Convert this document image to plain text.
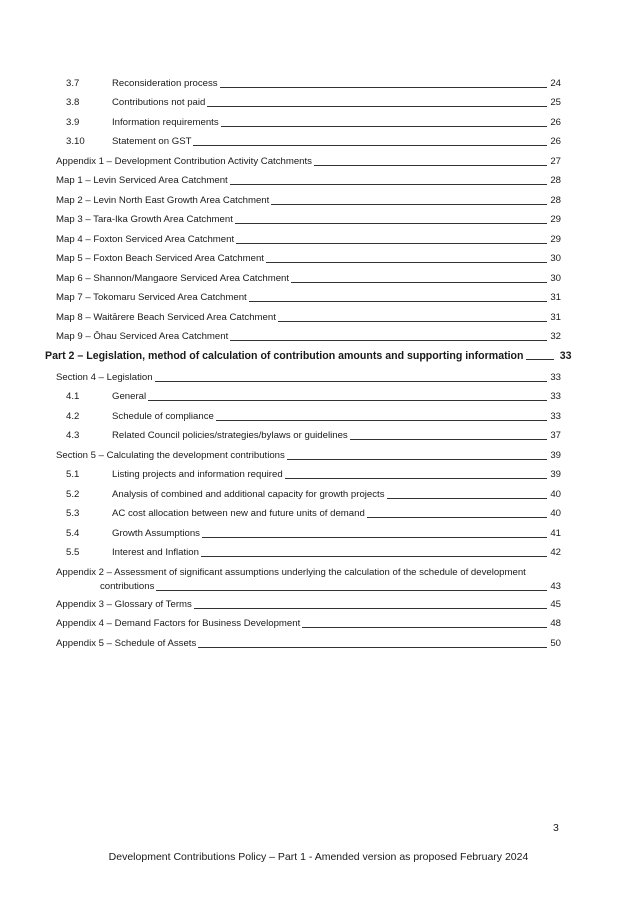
3.7	Reconsideration process	24
3.8	Contributions not paid	25
3.9	Information requirements	26
3.10	Statement on GST	26
Appendix 1 – Development Contribution Activity Catchments	27
Map 1 – Levin Serviced Area Catchment	28
Map 2 – Levin North East Growth Area Catchment	28
Map 3 – Tara-Ika Growth Area Catchment	29
Map 4 – Foxton Serviced Area Catchment	29
Map 5 – Foxton Beach Serviced Area Catchment	30
Map 6 – Shannon/Mangaore Serviced Area Catchment	30
Map 7 – Tokomaru Serviced Area Catchment	31
Map 8 – Waitārere Beach Serviced Area Catchment	31
Map 9 – Ōhau Serviced Area Catchment	32
Part 2 – Legislation, method of calculation of contribution amounts and supporting information	33
Section 4 – Legislation	33
4.1	General	33
4.2	Schedule of compliance	33
4.3	Related Council policies/strategies/bylaws or guidelines	37
Section 5 – Calculating the development contributions	39
5.1	Listing projects and information required	39
5.2	Analysis of combined and additional capacity for growth projects	40
5.3	AC cost allocation between new and future units of demand	40
5.4	Growth Assumptions	41
5.5	Interest and Inflation	42
Appendix 2 – Assessment of significant assumptions underlying the calculation of the schedule of development
contributions	43
Appendix 3 – Glossary of Terms	45
Appendix 4 – Demand Factors for Business Development	48
Appendix 5 – Schedule of Assets	50
3
Development Contributions Policy – Part 1 - Amended version as proposed February 2024
